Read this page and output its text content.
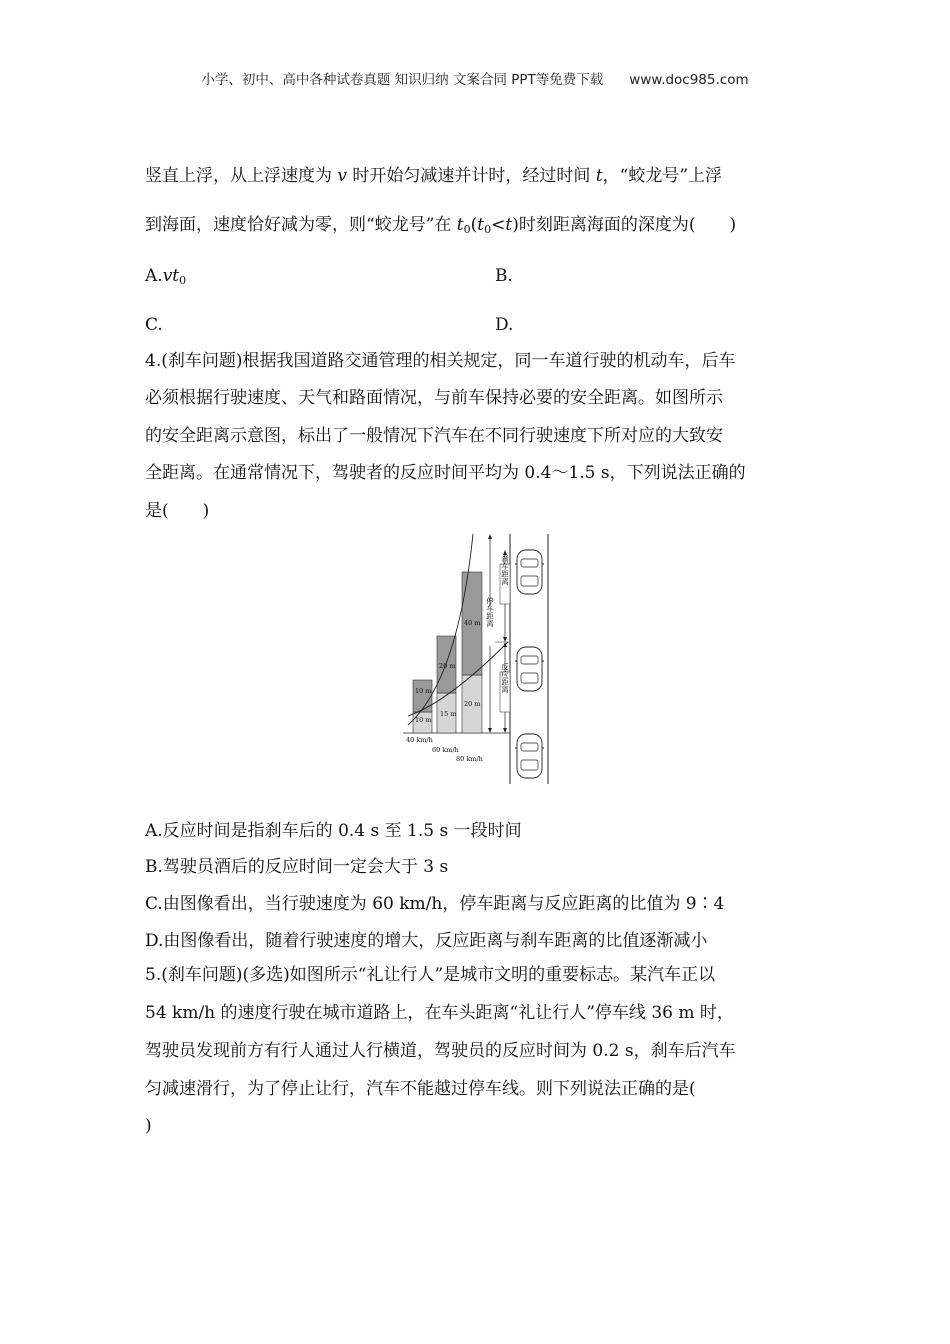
小学、初中、高中各种试卷真题 知识归纳 文案合同 PPT等免费下载 www.doc985.com
竖直上浮，从上浮速度为 v 时开始匀减速并计时，经过时间 t，“蛟龙号”上浮
到海面，速度恰好减为零，则“蛟龙号”在 $t_0(t_0<t)$时刻距离海面的深度为(　　)
$A.vt_0$	B.
C.	D.
4.(刹车问题)根据我国道路交通管理的相关规定，同一车道行驶的机动车，后车
必须根据行驶速度、天气和路面情况，与前车保持必要的安全距离。如图所示
的安全距离示意图，标出了一般情况下汽车在不同行驶速度下所对应的大致安
全距离。在通常情况下，驾驶者的反应时间平均为 0.4～1.5 s，下列说法正确的
是(　　)
10 m
15 m
20 m
10 m
20 m
40 m
40 km/h
60 km/h
80 km/h
停车距离
刹车距离
反应距离
A.反应时间是指刹车后的 0.4 s 至 1.5 s 一段时间
B.驾驶员酒后的反应时间一定会大于 3 s
C.由图像看出，当行驶速度为 60 km/h，停车距离与反应距离的比值为 9∶4
D.由图像看出，随着行驶速度的增大，反应距离与刹车距离的比值逐渐减小
5.(刹车问题)(多选)如图所示“礼让行人”是城市文明的重要标志。某汽车正以
54 km/h 的速度行驶在城市道路上，在车头距离“礼让行人”停车线 36 m 时，
驾驶员发现前方有行人通过人行横道，驾驶员的反应时间为 0.2 s，刹车后汽车
匀减速滑行，为了停止让行，汽车不能越过停车线。则下列说法正确的是(
)
